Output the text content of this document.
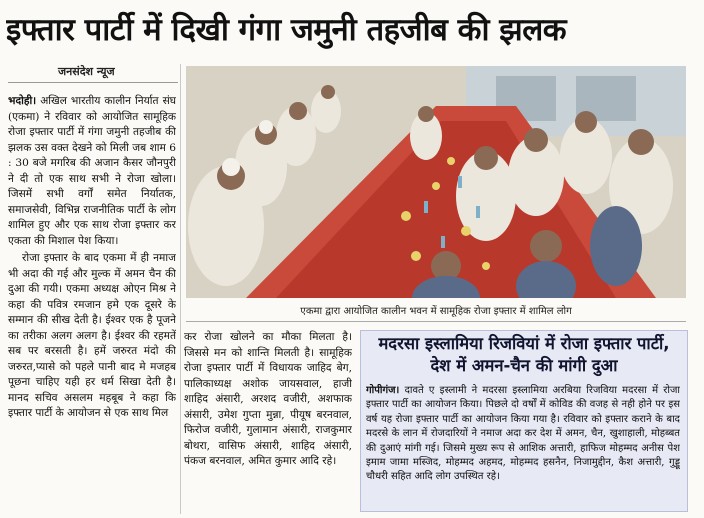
इफ्तार पार्टी में दिखी गंगा जमुनी तहजीब की झलक
जनसंदेश न्यूज

भदोही। अखिल भारतीय कालीन निर्यात संघ (एकमा) ने रविवार को आयोजित सामूहिक रोजा इफ्तार पार्टी में गंगा जमुनी तहजीब की झलक उस वक्त देखने को मिली जब शाम 6 : 30 बजे मगरिब की अजान कैसर जौनपुरी ने दी तो एक साथ सभी ने रोजा खोला। जिसमें सभी वर्गों समेत निर्यातक, समाजसेवी, विभिन्न राजनीतिक पार्टी के लोग शामिल हुए और एक साथ रोजा इफ्तार कर एकता की मिशाल पेश किया।

रोजा इफ्तार के बाद एकमा में ही नमाज भी अदा की गई और मुल्क में अमन चैन की दुआ की गयी। एकमा अध्यक्ष ओएन मिश्र ने कहा की पवित्र रमजान हमे एक दूसरे के सम्मान की सीख देती है। ईश्वर एक है पूजने का तरीका अलग अलग है। ईश्वर की रहमतें सब पर बरसती है। हमें जरुरत मंदो की जरुरत,प्यासे को पहले पानी बाद मे मजहब पूछना चाहिए यही हर धर्म सिखा देती है। मानद सचिव असलम महबूब ने कहा कि इफ्तार पार्टी के आयोजन से एक साथ मिल

एकमा द्वारा आयोजित कालीन भवन में सामूहिक रोजा इफ्तार में शामिल लोग
कर रोजा खोलने का मौका मिलता है। जिससे मन को शान्ति मिलती है। सामूहिक रोजा इफ्तार पार्टी में विधायक जाहिद बेग, पालिकाध्यक्ष अशोक जायसवाल, हाजी शाहिद अंसारी, अरशद वजीरी, अशफाक अंसारी, उमेश गुप्ता मुन्ना, पीयूष बरनवाल, फिरोज वजीरी, गुलामान अंसारी, राजकुमार बोथरा, वासिफ अंसारी, शाहिद अंसारी, पंकज बरनवाल, अमित कुमार आदि रहे।
मदरसा इस्लामिया रिजवियां में रोजा इफ्तार पार्टी, देश में अमन-चैन की मांगी दुआ
गोपीगंज। दावते ए इस्लामी ने मदरसा इस्लामिया अरबिया रिजविया मदरसा में रोजा इफ्तार पार्टी का आयोजन किया। पिछले दो वर्षों में कोविड की वजह से नही होने पर इस वर्ष यह रोजा इफ्तार पार्टी का आयोजन किया गया है। रविवार को इफ्तार कराने के बाद मदरसे के लान में रोजदारियों ने नमाज अदा कर देश में अमन, चैन, खुशाहाली, मोहब्बत की दुआएं मांगी गई। जिसमे मुख्य रूप से आशिक अत्तारी, हाफिज मोहम्मद अनीस पेश इमाम जामा मस्जिद, मोहम्मद अहमद, मोहम्मद हसनैन, निजामुद्दीन, कैश अत्तारी, गुड्डू चौधरी सहित आदि लोग उपस्थित रहे।
